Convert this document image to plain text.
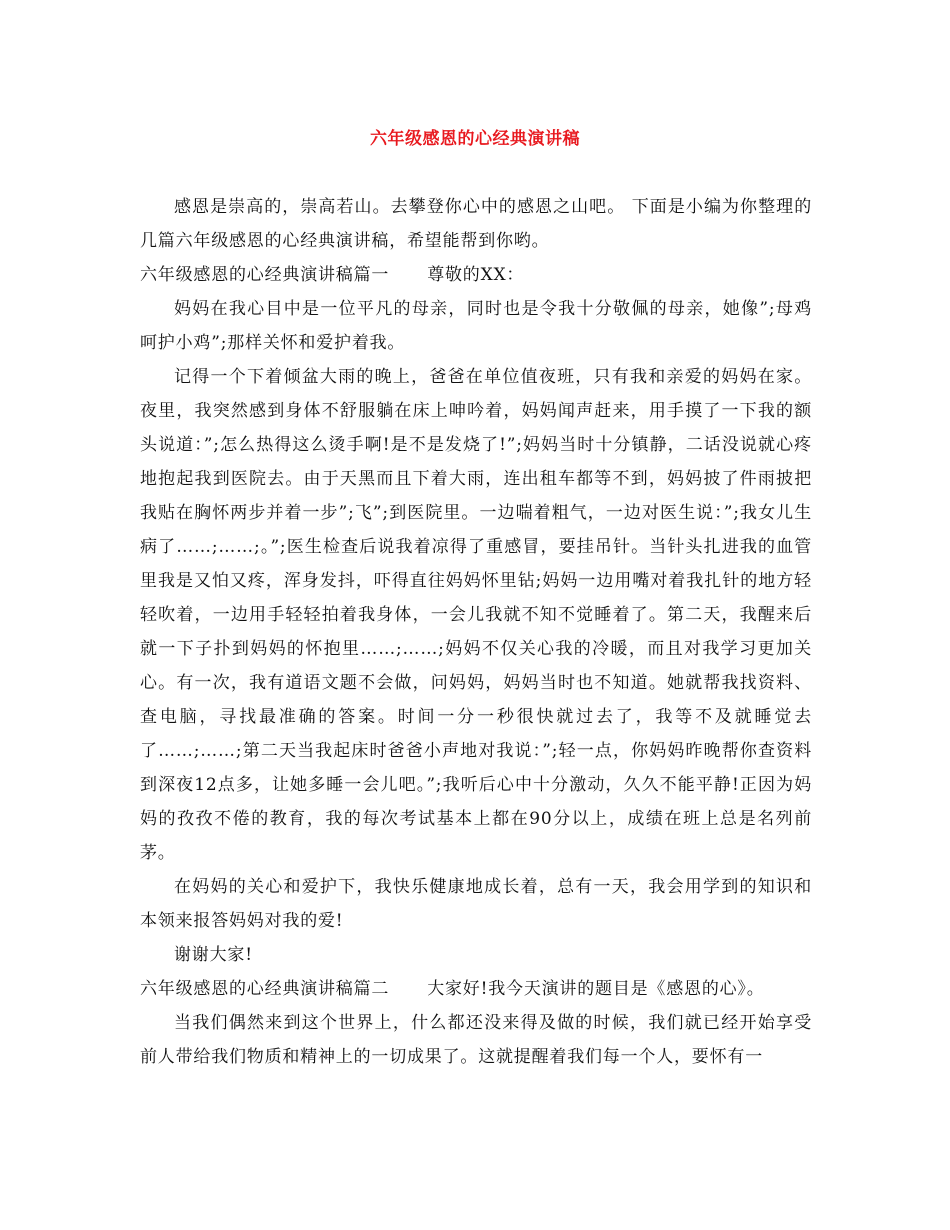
六年级感恩的心经典演讲稿

感恩是崇高的，崇高若山。去攀登你心中的感恩之山吧。 下面是小编为你整理的几篇六年级感恩的心经典演讲稿，希望能帮到你哟。

六年级感恩的心经典演讲稿篇一 尊敬的XX：

妈妈在我心目中是一位平凡的母亲，同时也是令我十分敬佩的母亲，她像”;母鸡呵护小鸡”;那样关怀和爱护着我。

记得一个下着倾盆大雨的晚上，爸爸在单位值夜班，只有我和亲爱的妈妈在家。夜里，我突然感到身体不舒服躺在床上呻吟着，妈妈闻声赶来，用手摸了一下我的额头说道：”;怎么热得这么烫手啊!是不是发烧了!”;妈妈当时十分镇静，二话没说就心疼地抱起我到医院去。由于天黑而且下着大雨，连出租车都等不到，妈妈披了件雨披把我贴在胸怀两步并着一步”;飞”;到医院里。一边喘着粗气，一边对医生说：”;我女儿生病了……;……;。”;医生检查后说我着凉得了重感冒，要挂吊针。当针头扎进我的血管里我是又怕又疼，浑身发抖，吓得直往妈妈怀里钻;妈妈一边用嘴对着我扎针的地方轻轻吹着，一边用手轻轻拍着我身体，一会儿我就不知不觉睡着了。第二天，我醒来后就一下子扑到妈妈的怀抱里……;……;妈妈不仅关心我的冷暖，而且对我学习更加关心。有一次，我有道语文题不会做，问妈妈，妈妈当时也不知道。她就帮我找资料、查电脑，寻找最准确的答案。时间一分一秒很快就过去了，我等不及就睡觉去了……;……;第二天当我起床时爸爸小声地对我说：”;轻一点，你妈妈昨晚帮你查资料到深夜12点多，让她多睡一会儿吧。”;我听后心中十分激动，久久不能平静!正因为妈妈的孜孜不倦的教育，我的每次考试基本上都在90分以上，成绩在班上总是名列前茅。

在妈妈的关心和爱护下，我快乐健康地成长着，总有一天，我会用学到的知识和本领来报答妈妈对我的爱!

谢谢大家!

六年级感恩的心经典演讲稿篇二 大家好!我今天演讲的题目是《感恩的心》。

当我们偶然来到这个世界上，什么都还没来得及做的时候，我们就已经开始享受前人带给我们物质和精神上的一切成果了。这就提醒着我们每一个人，要怀有一
